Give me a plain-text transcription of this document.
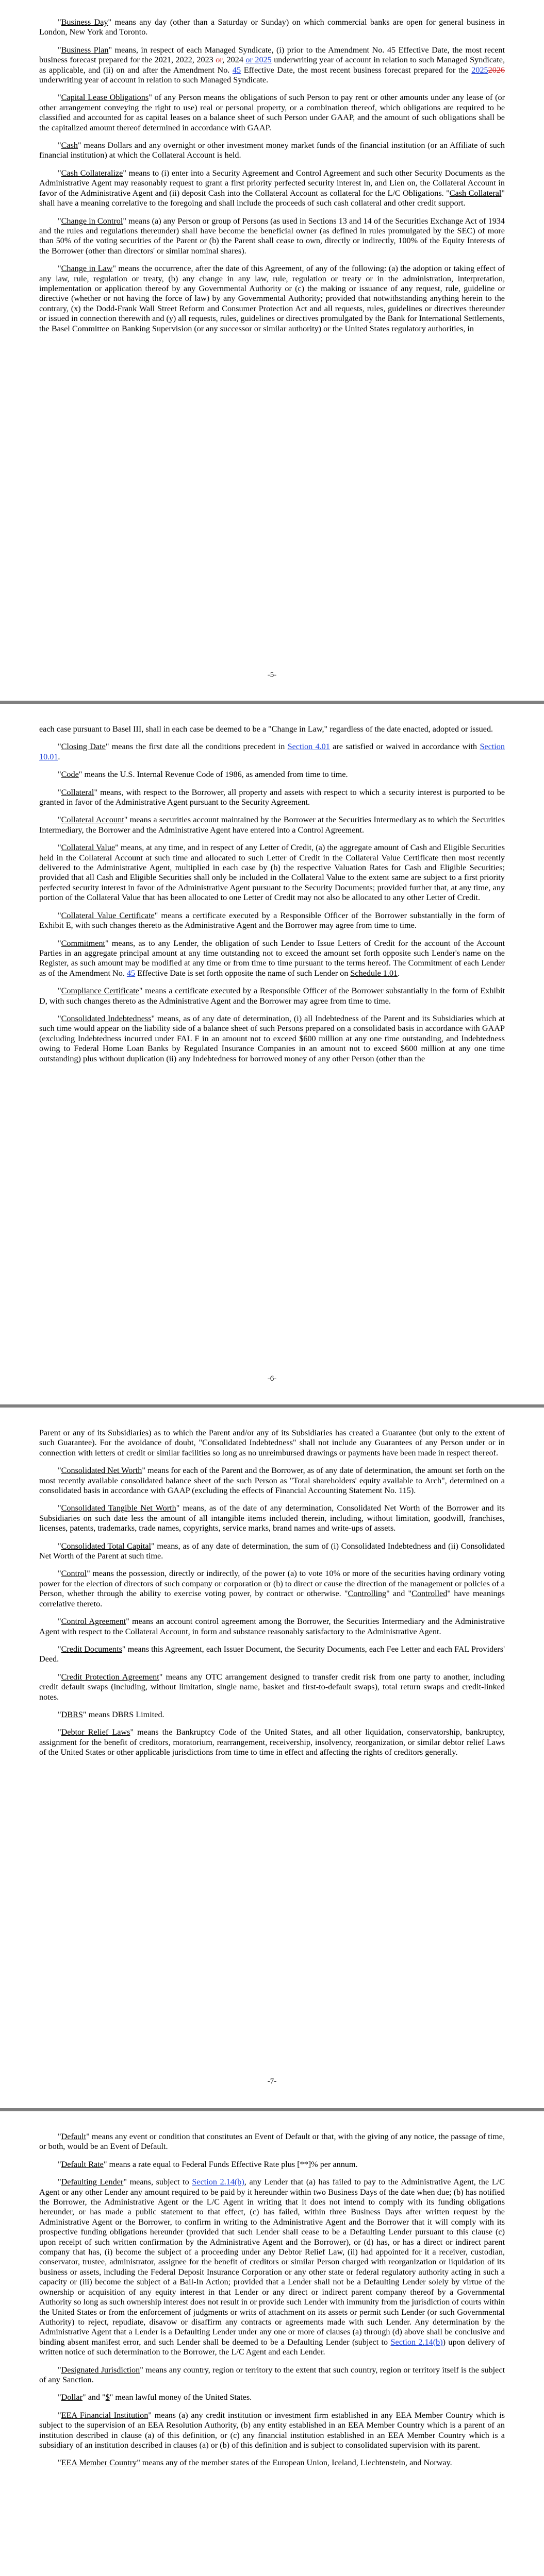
"Business Day" means any day (other than a Saturday or Sunday) on which commercial banks are open for general business in London, New York and Toronto.

"Business Plan" means, in respect of each Managed Syndicate, (i) prior to the Amendment No. 45 Effective Date, the most recent business forecast prepared for the 2021, 2022, 2023 or, 2024 or 2025 underwriting year of account in relation to such Managed Syndicate, as applicable, and (ii) on and after the Amendment No. 45 Effective Date, the most recent business forecast prepared for the 20252026 underwriting year of account in relation to such Managed Syndicate.

"Capital Lease Obligations" of any Person means the obligations of such Person to pay rent or other amounts under any lease of (or other arrangement conveying the right to use) real or personal property, or a combination thereof, which obligations are required to be classified and accounted for as capital leases on a balance sheet of such Person under GAAP, and the amount of such obligations shall be the capitalized amount thereof determined in accordance with GAAP.

"Cash" means Dollars and any overnight or other investment money market funds of the financial institution (or an Affiliate of such financial institution) at which the Collateral Account is held.

"Cash Collateralize" means to (i) enter into a Security Agreement and Control Agreement and such other Security Documents as the Administrative Agent may reasonably request to grant a first priority perfected security interest in, and Lien on, the Collateral Account in favor of the Administrative Agent and (ii) deposit Cash into the Collateral Account as collateral for the L/C Obligations. "Cash Collateral" shall have a meaning correlative to the foregoing and shall include the proceeds of such cash collateral and other credit support.

"Change in Control" means (a) any Person or group of Persons (as used in Sections 13 and 14 of the Securities Exchange Act of 1934 and the rules and regulations thereunder) shall have become the beneficial owner (as defined in rules promulgated by the SEC) of more than 50% of the voting securities of the Parent or (b) the Parent shall cease to own, directly or indirectly, 100% of the Equity Interests of the Borrower (other than directors' or similar nominal shares).

"Change in Law" means the occurrence, after the date of this Agreement, of any of the following: (a) the adoption or taking effect of any law, rule, regulation or treaty, (b) any change in any law, rule, regulation or treaty or in the administration, interpretation, implementation or application thereof by any Governmental Authority or (c) the making or issuance of any request, rule, guideline or directive (whether or not having the force of law) by any Governmental Authority; provided that notwithstanding anything herein to the contrary, (x) the Dodd-Frank Wall Street Reform and Consumer Protection Act and all requests, rules, guidelines or directives thereunder or issued in connection therewith and (y) all requests, rules, guidelines or directives promulgated by the Bank for International Settlements, the Basel Committee on Banking Supervision (or any successor or similar authority) or the United States regulatory authorities, in

-5-

each case pursuant to Basel III, shall in each case be deemed to be a "Change in Law," regardless of the date enacted, adopted or issued.

"Closing Date" means the first date all the conditions precedent in Section 4.01 are satisfied or waived in accordance with Section 10.01.

"Code" means the U.S. Internal Revenue Code of 1986, as amended from time to time.

"Collateral" means, with respect to the Borrower, all property and assets with respect to which a security interest is purported to be granted in favor of the Administrative Agent pursuant to the Security Agreement.

"Collateral Account" means a securities account maintained by the Borrower at the Securities Intermediary as to which the Securities Intermediary, the Borrower and the Administrative Agent have entered into a Control Agreement.

"Collateral Value" means, at any time, and in respect of any Letter of Credit, (a) the aggregate amount of Cash and Eligible Securities held in the Collateral Account at such time and allocated to such Letter of Credit in the Collateral Value Certificate then most recently delivered to the Administrative Agent, multiplied in each case by (b) the respective Valuation Rates for Cash and Eligible Securities; provided that all Cash and Eligible Securities shall only be included in the Collateral Value to the extent same are subject to a first priority perfected security interest in favor of the Administrative Agent pursuant to the Security Documents; provided further that, at any time, any portion of the Collateral Value that has been allocated to one Letter of Credit may not also be allocated to any other Letter of Credit.

"Collateral Value Certificate" means a certificate executed by a Responsible Officer of the Borrower substantially in the form of Exhibit E, with such changes thereto as the Administrative Agent and the Borrower may agree from time to time.

"Commitment" means, as to any Lender, the obligation of such Lender to Issue Letters of Credit for the account of the Account Parties in an aggregate principal amount at any time outstanding not to exceed the amount set forth opposite such Lender's name on the Register, as such amount may be modified at any time or from time to time pursuant to the terms hereof. The Commitment of each Lender as of the Amendment No. 45 Effective Date is set forth opposite the name of such Lender on Schedule 1.01.

"Compliance Certificate" means a certificate executed by a Responsible Officer of the Borrower substantially in the form of Exhibit D, with such changes thereto as the Administrative Agent and the Borrower may agree from time to time.

"Consolidated Indebtedness" means, as of any date of determination, (i) all Indebtedness of the Parent and its Subsidiaries which at such time would appear on the liability side of a balance sheet of such Persons prepared on a consolidated basis in accordance with GAAP (excluding Indebtedness incurred under FAL F in an amount not to exceed $600 million at any one time outstanding, and Indebtedness owing to Federal Home Loan Banks by Regulated Insurance Companies in an amount not to exceed $600 million at any one time outstanding) plus without duplication (ii) any Indebtedness for borrowed money of any other Person (other than the

-6-

Parent or any of its Subsidiaries) as to which the Parent and/or any of its Subsidiaries has created a Guarantee (but only to the extent of such Guarantee). For the avoidance of doubt, "Consolidated Indebtedness" shall not include any Guarantees of any Person under or in connection with letters of credit or similar facilities so long as no unreimbursed drawings or payments have been made in respect thereof.

"Consolidated Net Worth" means for each of the Parent and the Borrower, as of any date of determination, the amount set forth on the most recently available consolidated balance sheet of the such Person as "Total shareholders' equity available to Arch", determined on a consolidated basis in accordance with GAAP (excluding the effects of Financial Accounting Statement No. 115).

"Consolidated Tangible Net Worth" means, as of the date of any determination, Consolidated Net Worth of the Borrower and its Subsidiaries on such date less the amount of all intangible items included therein, including, without limitation, goodwill, franchises, licenses, patents, trademarks, trade names, copyrights, service marks, brand names and write-ups of assets.

"Consolidated Total Capital" means, as of any date of determination, the sum of (i) Consolidated Indebtedness and (ii) Consolidated Net Worth of the Parent at such time.

"Control" means the possession, directly or indirectly, of the power (a) to vote 10% or more of the securities having ordinary voting power for the election of directors of such company or corporation or (b) to direct or cause the direction of the management or policies of a Person, whether through the ability to exercise voting power, by contract or otherwise. "Controlling" and "Controlled" have meanings correlative thereto.

"Control Agreement" means an account control agreement among the Borrower, the Securities Intermediary and the Administrative Agent with respect to the Collateral Account, in form and substance reasonably satisfactory to the Administrative Agent.

"Credit Documents" means this Agreement, each Issuer Document, the Security Documents, each Fee Letter and each FAL Providers' Deed.

"Credit Protection Agreement" means any OTC arrangement designed to transfer credit risk from one party to another, including credit default swaps (including, without limitation, single name, basket and first-to-default swaps), total return swaps and credit-linked notes.

"DBRS" means DBRS Limited.

"Debtor Relief Laws" means the Bankruptcy Code of the United States, and all other liquidation, conservatorship, bankruptcy, assignment for the benefit of creditors, moratorium, rearrangement, receivership, insolvency, reorganization, or similar debtor relief Laws of the United States or other applicable jurisdictions from time to time in effect and affecting the rights of creditors generally.

-7-

"Default" means any event or condition that constitutes an Event of Default or that, with the giving of any notice, the passage of time, or both, would be an Event of Default.

"Default Rate" means a rate equal to Federal Funds Effective Rate plus [**]% per annum.

"Defaulting Lender" means, subject to Section 2.14(b), any Lender that (a) has failed to pay to the Administrative Agent, the L/C Agent or any other Lender any amount required to be paid by it hereunder within two Business Days of the date when due; (b) has notified the Borrower, the Administrative Agent or the L/C Agent in writing that it does not intend to comply with its funding obligations hereunder, or has made a public statement to that effect, (c) has failed, within three Business Days after written request by the Administrative Agent or the Borrower, to confirm in writing to the Administrative Agent and the Borrower that it will comply with its prospective funding obligations hereunder (provided that such Lender shall cease to be a Defaulting Lender pursuant to this clause (c) upon receipt of such written confirmation by the Administrative Agent and the Borrower), or (d) has, or has a direct or indirect parent company that has, (i) become the subject of a proceeding under any Debtor Relief Law, (ii) had appointed for it a receiver, custodian, conservator, trustee, administrator, assignee for the benefit of creditors or similar Person charged with reorganization or liquidation of its business or assets, including the Federal Deposit Insurance Corporation or any other state or federal regulatory authority acting in such a capacity or (iii) become the subject of a Bail-In Action; provided that a Lender shall not be a Defaulting Lender solely by virtue of the ownership or acquisition of any equity interest in that Lender or any direct or indirect parent company thereof by a Governmental Authority so long as such ownership interest does not result in or provide such Lender with immunity from the jurisdiction of courts within the United States or from the enforcement of judgments or writs of attachment on its assets or permit such Lender (or such Governmental Authority) to reject, repudiate, disavow or disaffirm any contracts or agreements made with such Lender. Any determination by the Administrative Agent that a Lender is a Defaulting Lender under any one or more of clauses (a) through (d) above shall be conclusive and binding absent manifest error, and such Lender shall be deemed to be a Defaulting Lender (subject to Section 2.14(b)) upon delivery of written notice of such determination to the Borrower, the L/C Agent and each Lender.

"Designated Jurisdiction" means any country, region or territory to the extent that such country, region or territory itself is the subject of any Sanction.

"Dollar" and "$" mean lawful money of the United States.

"EEA Financial Institution" means (a) any credit institution or investment firm established in any EEA Member Country which is subject to the supervision of an EEA Resolution Authority, (b) any entity established in an EEA Member Country which is a parent of an institution described in clause (a) of this definition, or (c) any financial institution established in an EEA Member Country which is a subsidiary of an institution described in clauses (a) or (b) of this definition and is subject to consolidated supervision with its parent.

"EEA Member Country" means any of the member states of the European Union, Iceland, Liechtenstein, and Norway.
